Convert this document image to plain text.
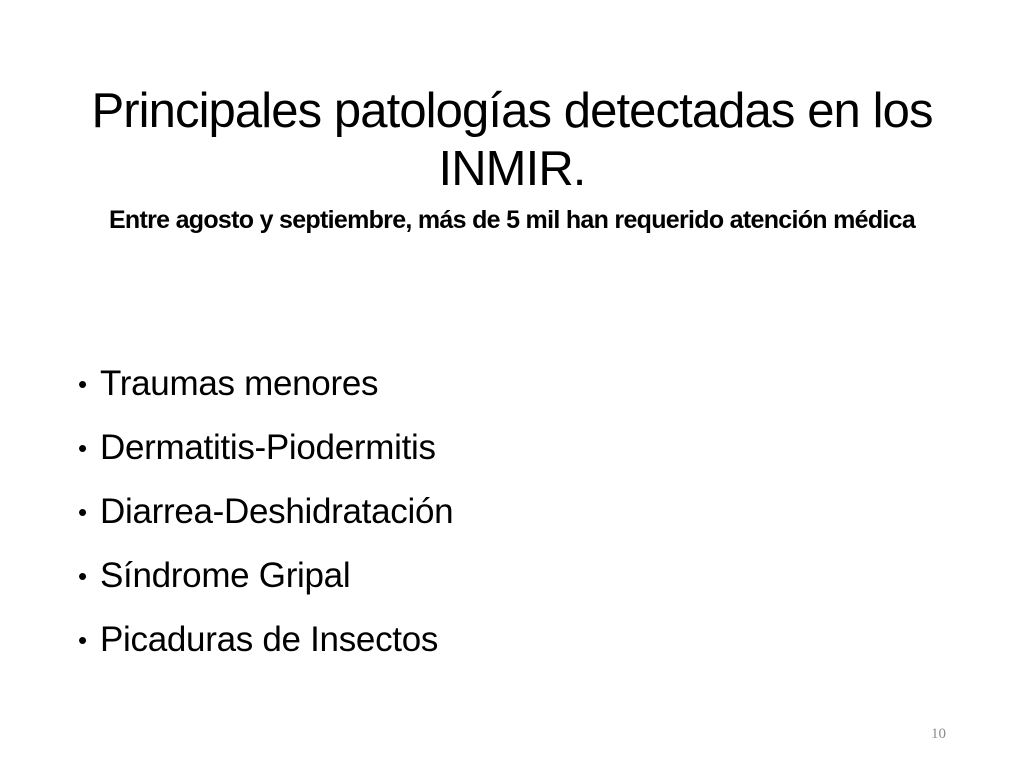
Principales patologías detectadas en los INMIR.
Entre agosto y septiembre, más de 5 mil han requerido atención médica
• Traumas menores
• Dermatitis-Piodermitis
• Diarrea-Deshidratación
• Síndrome Gripal
• Picaduras de Insectos
10
